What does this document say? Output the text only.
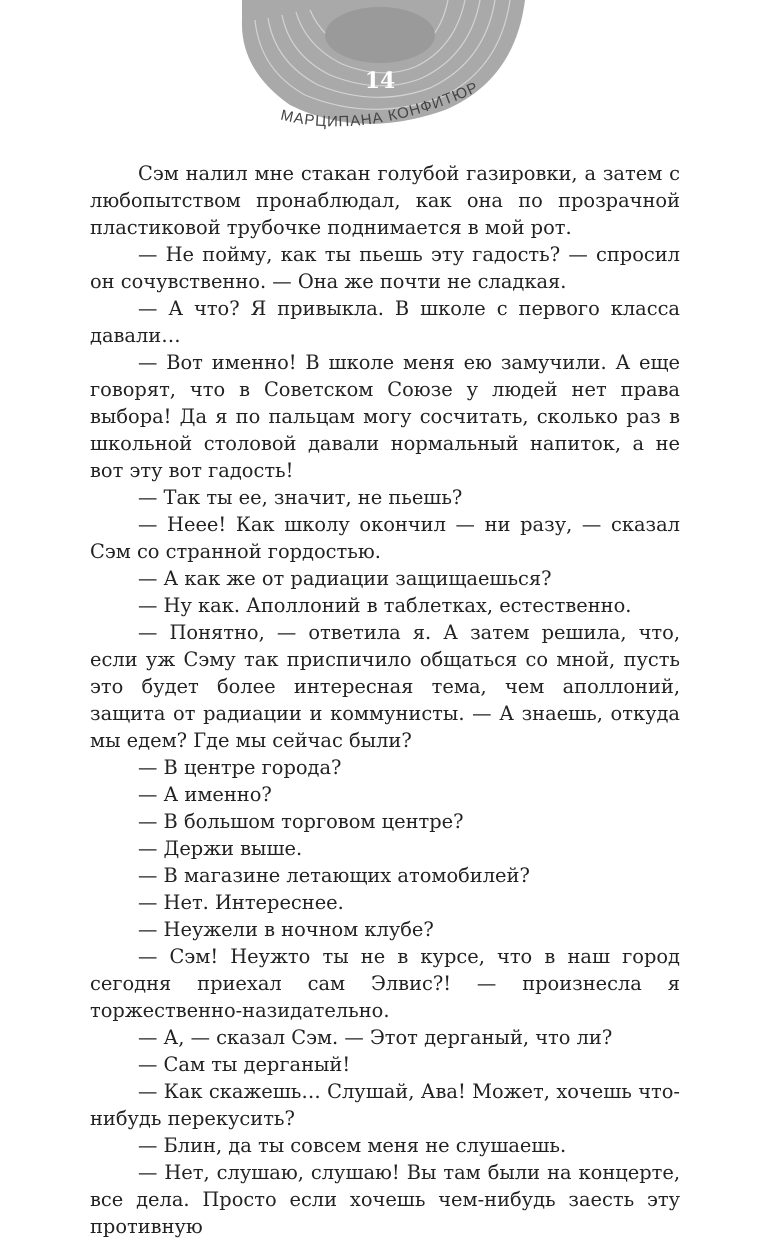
14
МАРЦИПАНА КОНФИТЮР

Сэм налил мне стакан голубой газировки, а затем с любопытством пронаблюдал, как она по прозрачной пластиковой трубочке поднимается в мой рот.

— Не пойму, как ты пьешь эту гадость? — спросил он сочувственно. — Она же почти не сладкая.

— А что? Я привыкла. В школе с первого класса давали…

— Вот именно! В школе меня ею замучили. А еще говорят, что в Советском Союзе у людей нет права выбора! Да я по пальцам могу сосчитать, сколько раз в школьной столовой давали нормальный напиток, а не вот эту вот гадость!

— Так ты ее, значит, не пьешь?

— Неее! Как школу окончил — ни разу, — сказал Сэм со странной гордостью.

— А как же от радиации защищаешься?

— Ну как. Аполлоний в таблетках, естественно.

— Понятно, — ответила я. А затем решила, что, если уж Сэму так приспичило общаться со мной, пусть это будет более интересная тема, чем аполлоний, защита от радиации и коммунисты. — А знаешь, откуда мы едем? Где мы сейчас были?

— В центре города?

— А именно?

— В большом торговом центре?

— Держи выше.

— В магазине летающих атомобилей?

— Нет. Интереснее.

— Неужели в ночном клубе?

— Сэм! Неужто ты не в курсе, что в наш город сегодня приехал сам Элвис?! — произнесла я торжественно-назидательно.

— А, — сказал Сэм. — Этот дерганый, что ли?

— Сам ты дерганый!

— Как скажешь… Слушай, Ава! Может, хочешь что-нибудь перекусить?

— Блин, да ты совсем меня не слушаешь.

— Нет, слушаю, слушаю! Вы там были на концерте, все дела. Просто если хочешь чем-нибудь заесть эту противную
